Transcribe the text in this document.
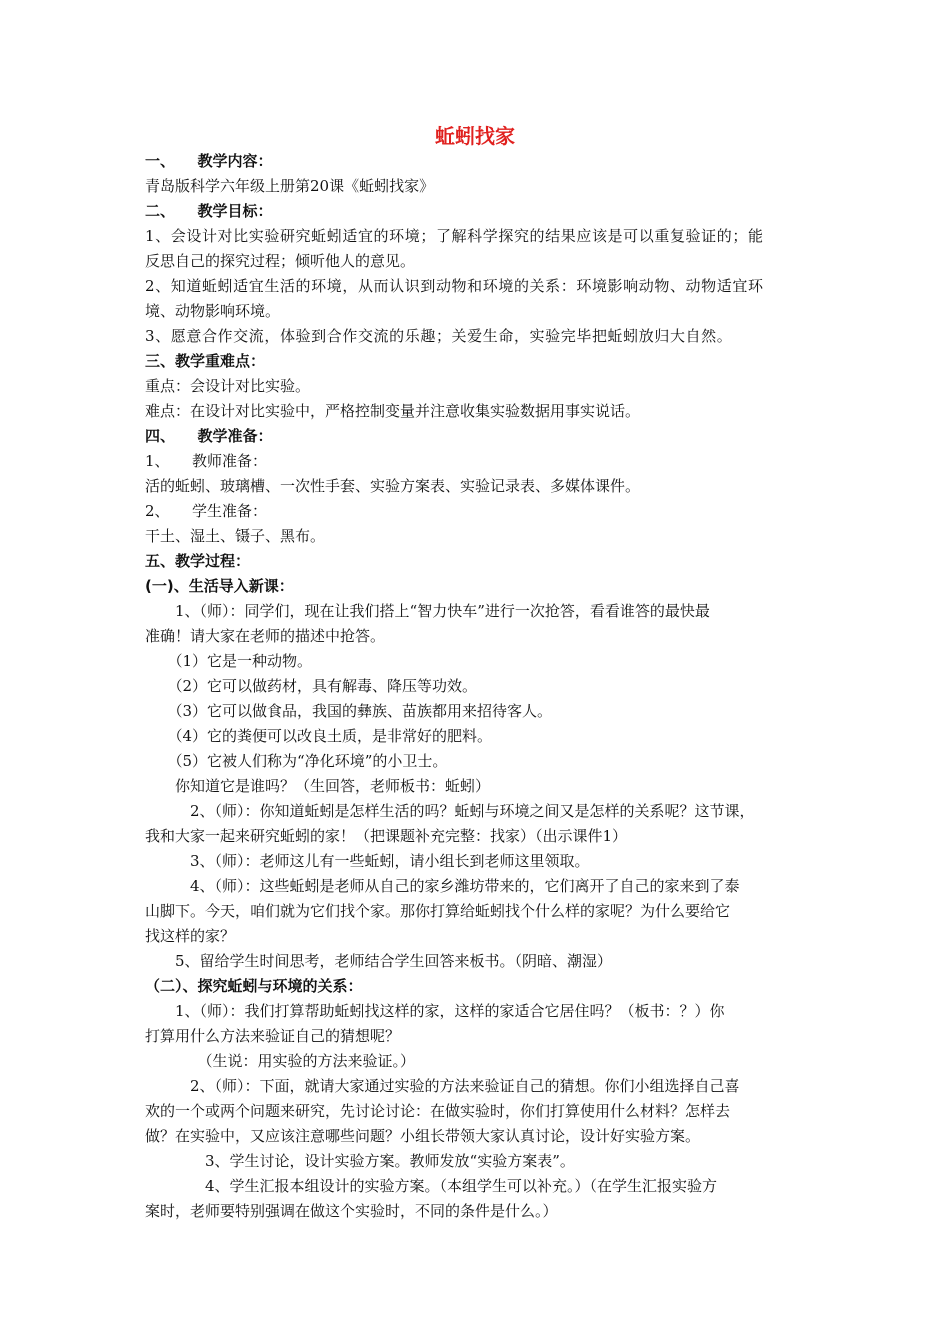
蚯蚓找家
一、　　教学内容：
青岛版科学六年级上册第20课《蚯蚓找家》
二、　　教学目标：
1、会设计对比实验研究蚯蚓适宜的环境；了解科学探究的结果应该是可以重复验证的；能
反思自己的探究过程；倾听他人的意见。
2、知道蚯蚓适宜生活的环境，从而认识到动物和环境的关系：环境影响动物、动物适宜环
境、动物影响环境。
3、愿意合作交流，体验到合作交流的乐趣；关爱生命，实验完毕把蚯蚓放归大自然。
三、教学重难点：
重点：会设计对比实验。
难点：在设计对比实验中，严格控制变量并注意收集实验数据用事实说话。
四、　　教学准备：
1、　　教师准备：
活的蚯蚓、玻璃槽、一次性手套、实验方案表、实验记录表、多媒体课件。
2、　　学生准备：
干土、湿土、镊子、黑布。
五、教学过程：
(一)、生活导入新课：
　　1、（师）：同学们，现在让我们搭上“智力快车”进行一次抢答，看看谁答的最快最
准确！请大家在老师的描述中抢答。
　　（1）它是一种动物。
　　（2）它可以做药材，具有解毒、降压等功效。
　　（3）它可以做食品，我国的彝族、苗族都用来招待客人。
　　（4）它的粪便可以改良土质，是非常好的肥料。
　　（5）它被人们称为“净化环境”的小卫士。
　　你知道它是谁吗？（生回答，老师板书：蚯蚓）
　　　2、（师）：你知道蚯蚓是怎样生活的吗？蚯蚓与环境之间又是怎样的关系呢？这节课，
我和大家一起来研究蚯蚓的家！（把课题补充完整：找家）（出示课件1）
　　　3、（师）：老师这儿有一些蚯蚓，请小组长到老师这里领取。
　　　4、（师）：这些蚯蚓是老师从自己的家乡潍坊带来的，它们离开了自己的家来到了泰
山脚下。今天，咱们就为它们找个家。那你打算给蚯蚓找个什么样的家呢？为什么要给它
找这样的家？
　　5、留给学生时间思考，老师结合学生回答来板书。（阴暗、潮湿）
（二）、探究蚯蚓与环境的关系：
　　1、（师）：我们打算帮助蚯蚓找这样的家，这样的家适合它居住吗？（板书：？）你
打算用什么方法来验证自己的猜想呢？
　　　　（生说：用实验的方法来验证。）
　　　2、（师）：下面，就请大家通过实验的方法来验证自己的猜想。你们小组选择自己喜
欢的一个或两个问题来研究，先讨论讨论：在做实验时，你们打算使用什么材料？怎样去
做？在实验中，又应该注意哪些问题？小组长带领大家认真讨论，设计好实验方案。
　　　　3、学生讨论，设计实验方案。教师发放“实验方案表”。
　　　　4、学生汇报本组设计的实验方案。（本组学生可以补充。）（在学生汇报实验方
案时，老师要特别强调在做这个实验时，不同的条件是什么。）
